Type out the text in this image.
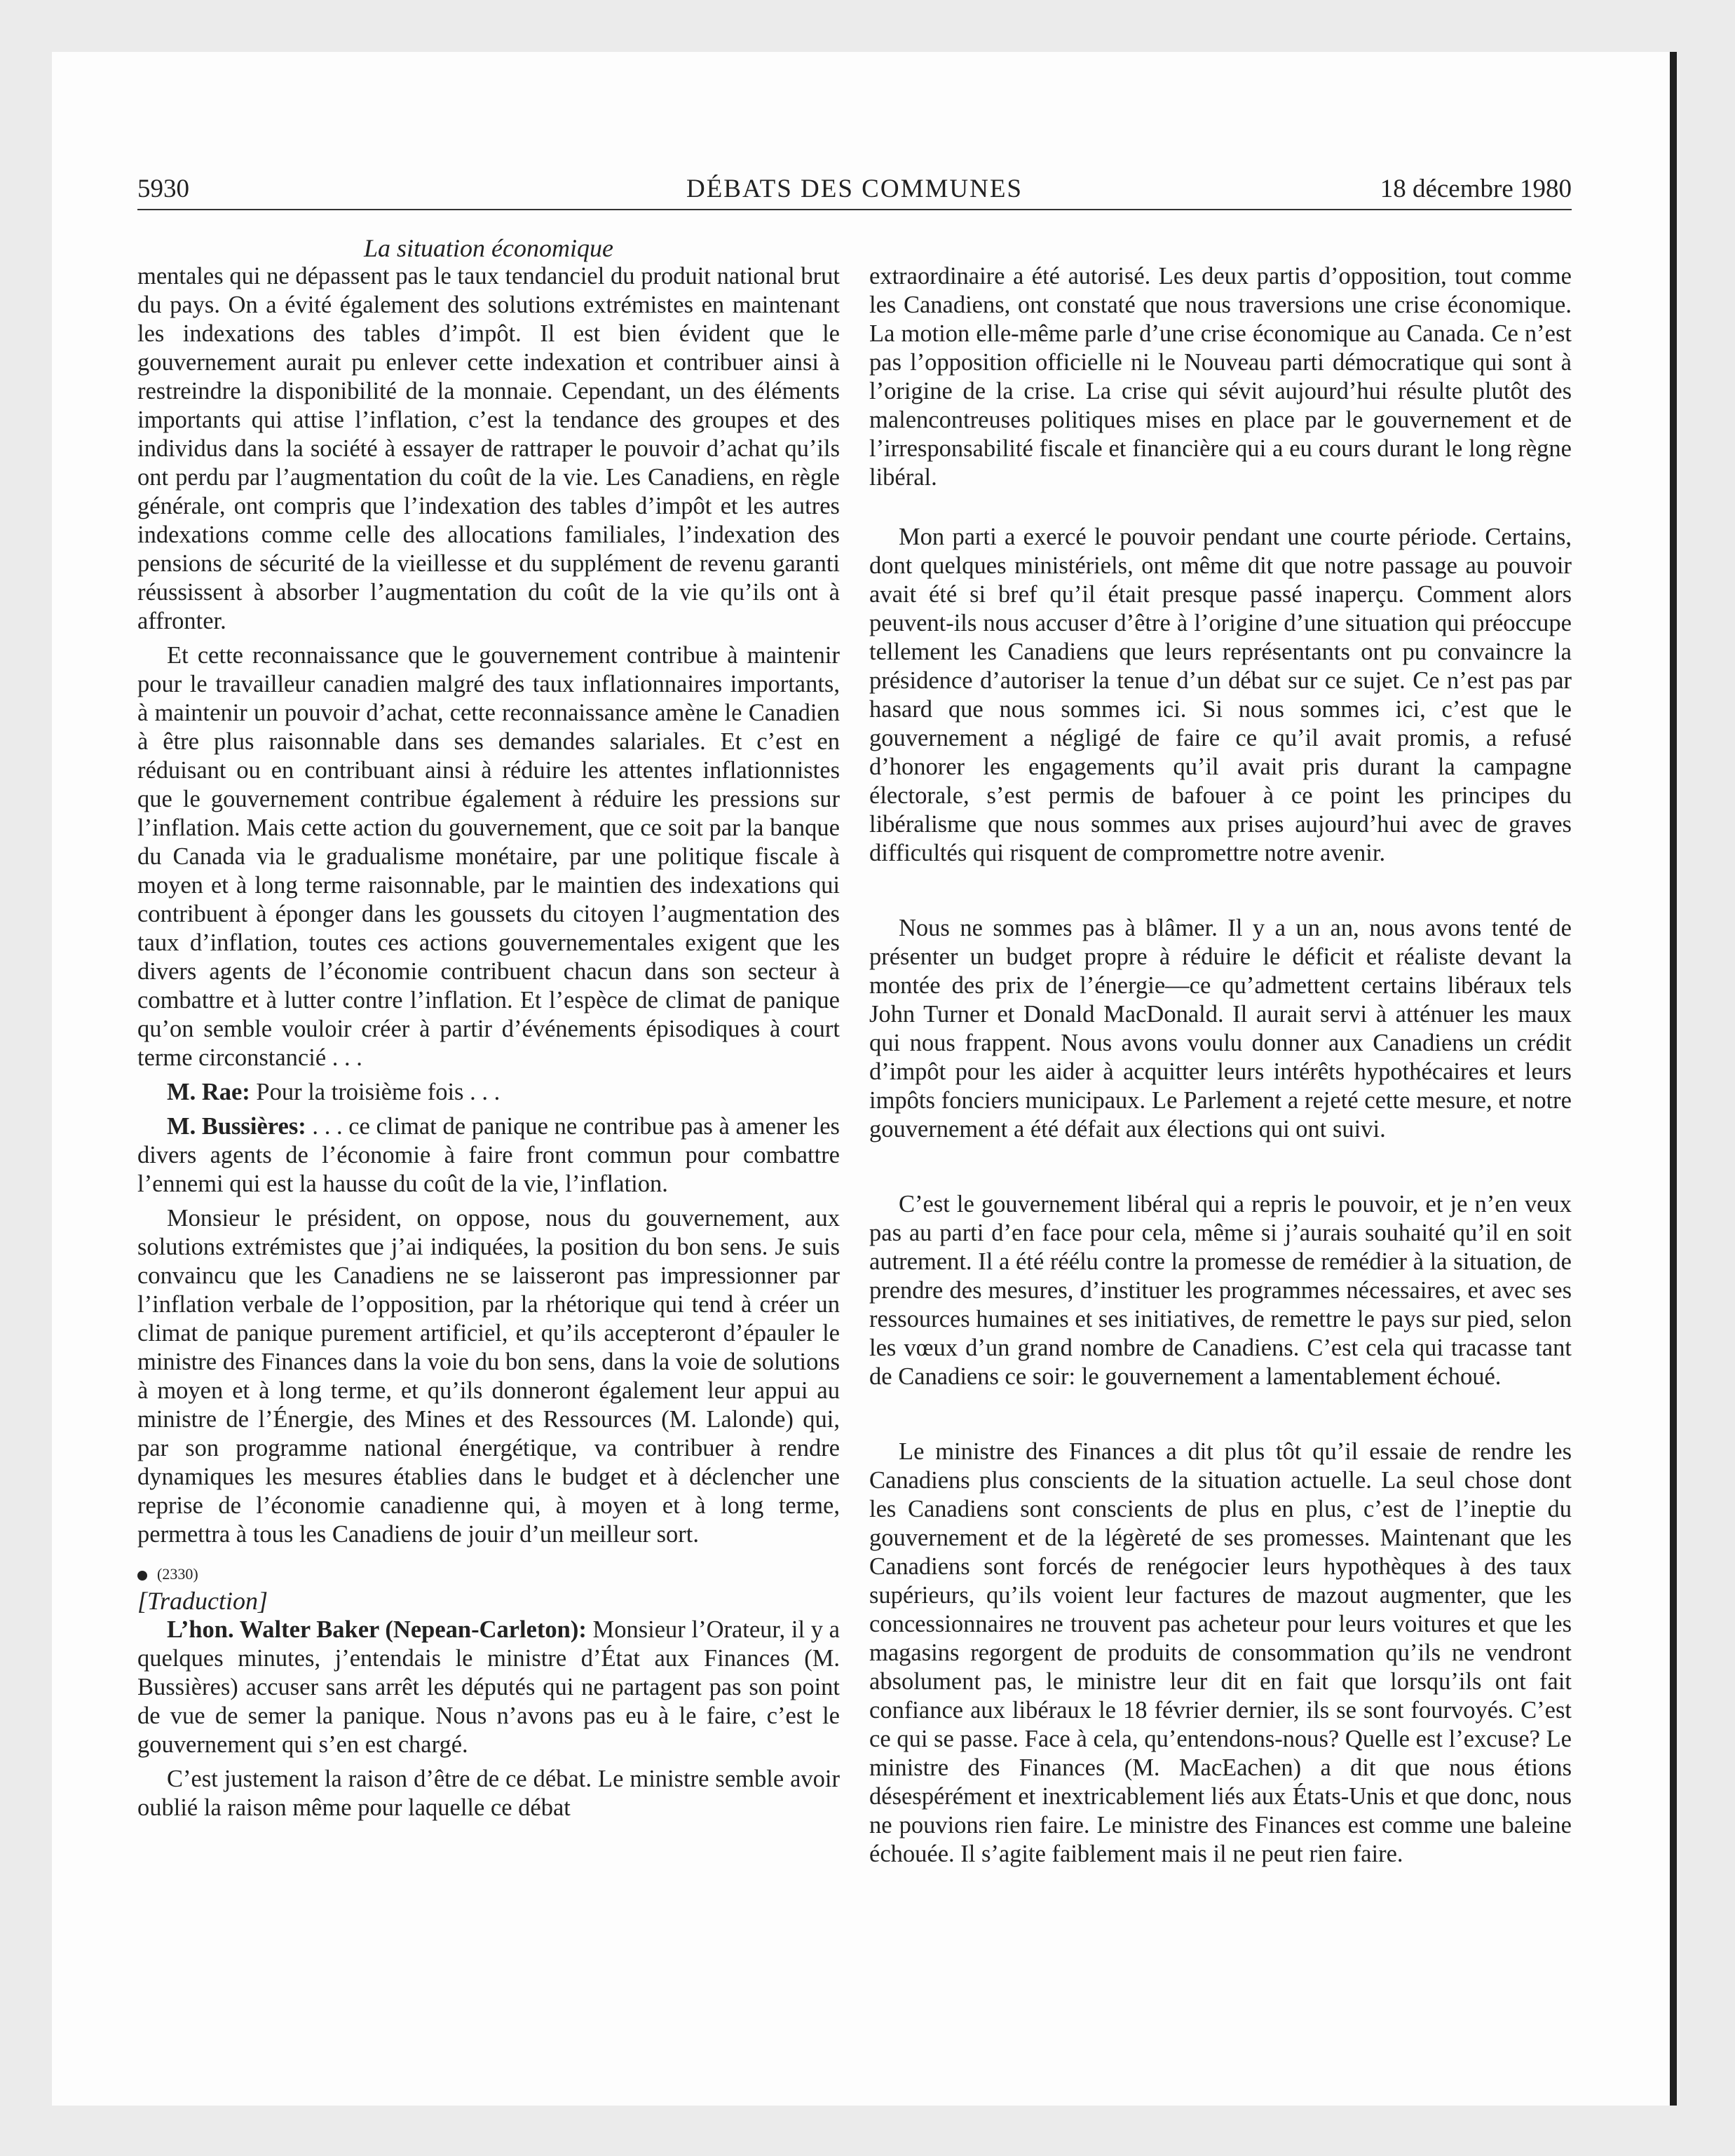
5930	DÉBATS DES COMMUNES	18 décembre 1980
La situation économique

mentales qui ne dépassent pas le taux tendanciel du produit national brut du pays. On a évité également des solutions extrémistes en maintenant les indexations des tables d’impôt. Il est bien évident que le gouvernement aurait pu enlever cette indexation et contribuer ainsi à restreindre la disponibilité de la monnaie. Cependant, un des éléments importants qui attise l’inflation, c’est la tendance des groupes et des individus dans la société à essayer de rattraper le pouvoir d’achat qu’ils ont perdu par l’augmentation du coût de la vie. Les Canadiens, en règle générale, ont compris que l’indexation des tables d’impôt et les autres indexations comme celle des allocations familiales, l’indexation des pensions de sécurité de la vieillesse et du supplément de revenu garanti réussissent à absorber l’augmentation du coût de la vie qu’ils ont à affronter.

Et cette reconnaissance que le gouvernement contribue à maintenir pour le travailleur canadien malgré des taux inflationnaires importants, à maintenir un pouvoir d’achat, cette reconnaissance amène le Canadien à être plus raisonnable dans ses demandes salariales. Et c’est en réduisant ou en contribuant ainsi à réduire les attentes inflationnistes que le gouvernement contribue également à réduire les pressions sur l’inflation. Mais cette action du gouvernement, que ce soit par la banque du Canada via le gradualisme monétaire, par une politique fiscale à moyen et à long terme raisonnable, par le maintien des indexations qui contribuent à éponger dans les goussets du citoyen l’augmentation des taux d’inflation, toutes ces actions gouvernementales exigent que les divers agents de l’économie contribuent chacun dans son secteur à combattre et à lutter contre l’inflation. Et l’espèce de climat de panique qu’on semble vouloir créer à partir d’événements épisodiques à court terme circonstancié . . .

M. Rae: Pour la troisième fois . . .

M. Bussières: . . . ce climat de panique ne contribue pas à amener les divers agents de l’économie à faire front commun pour combattre l’ennemi qui est la hausse du coût de la vie, l’inflation.

Monsieur le président, on oppose, nous du gouvernement, aux solutions extrémistes que j’ai indiquées, la position du bon sens. Je suis convaincu que les Canadiens ne se laisseront pas impressionner par l’inflation verbale de l’opposition, par la rhétorique qui tend à créer un climat de panique purement artificiel, et qu’ils accepteront d’épauler le ministre des Finances dans la voie du bon sens, dans la voie de solutions à moyen et à long terme, et qu’ils donneront également leur appui au ministre de l’Énergie, des Mines et des Ressources (M. Lalonde) qui, par son programme national énergétique, va contribuer à rendre dynamiques les mesures établies dans le budget et à déclencher une reprise de l’économie canadienne qui, à moyen et à long terme, permettra à tous les Canadiens de jouir d’un meilleur sort.

(2330)

[Traduction]

L’hon. Walter Baker (Nepean-Carleton): Monsieur l’Orateur, il y a quelques minutes, j’entendais le ministre d’État aux Finances (M. Bussières) accuser sans arrêt les députés qui ne partagent pas son point de vue de semer la panique. Nous n’avons pas eu à le faire, c’est le gouvernement qui s’en est chargé.

C’est justement la raison d’être de ce débat. Le ministre semble avoir oublié la raison même pour laquelle ce débat

extraordinaire a été autorisé. Les deux partis d’opposition, tout comme les Canadiens, ont constaté que nous traversions une crise économique. La motion elle-même parle d’une crise économique au Canada. Ce n’est pas l’opposition officielle ni le Nouveau parti démocratique qui sont à l’origine de la crise. La crise qui sévit aujourd’hui résulte plutôt des malencontreuses politiques mises en place par le gouvernement et de l’irresponsabilité fiscale et financière qui a eu cours durant le long règne libéral.

Mon parti a exercé le pouvoir pendant une courte période. Certains, dont quelques ministériels, ont même dit que notre passage au pouvoir avait été si bref qu’il était presque passé inaperçu. Comment alors peuvent-ils nous accuser d’être à l’origine d’une situation qui préoccupe tellement les Canadiens que leurs représentants ont pu convaincre la présidence d’autoriser la tenue d’un débat sur ce sujet. Ce n’est pas par hasard que nous sommes ici. Si nous sommes ici, c’est que le gouvernement a négligé de faire ce qu’il avait promis, a refusé d’honorer les engagements qu’il avait pris durant la campagne électorale, s’est permis de bafouer à ce point les principes du libéralisme que nous sommes aux prises aujourd’hui avec de graves difficultés qui risquent de compromettre notre avenir.

Nous ne sommes pas à blâmer. Il y a un an, nous avons tenté de présenter un budget propre à réduire le déficit et réaliste devant la montée des prix de l’énergie—ce qu’admettent certains libéraux tels John Turner et Donald MacDonald. Il aurait servi à atténuer les maux qui nous frappent. Nous avons voulu donner aux Canadiens un crédit d’impôt pour les aider à acquitter leurs intérêts hypothécaires et leurs impôts fonciers municipaux. Le Parlement a rejeté cette mesure, et notre gouvernement a été défait aux élections qui ont suivi.

C’est le gouvernement libéral qui a repris le pouvoir, et je n’en veux pas au parti d’en face pour cela, même si j’aurais souhaité qu’il en soit autrement. Il a été réélu contre la promesse de remédier à la situation, de prendre des mesures, d’instituer les programmes nécessaires, et avec ses ressources humaines et ses initiatives, de remettre le pays sur pied, selon les vœux d’un grand nombre de Canadiens. C’est cela qui tracasse tant de Canadiens ce soir: le gouvernement a lamentablement échoué.

Le ministre des Finances a dit plus tôt qu’il essaie de rendre les Canadiens plus conscients de la situation actuelle. La seul chose dont les Canadiens sont conscients de plus en plus, c’est de l’ineptie du gouvernement et de la légèreté de ses promesses. Maintenant que les Canadiens sont forcés de renégocier leurs hypothèques à des taux supérieurs, qu’ils voient leur factures de mazout augmenter, que les concessionnaires ne trouvent pas acheteur pour leurs voitures et que les magasins regorgent de produits de consommation qu’ils ne vendront absolument pas, le ministre leur dit en fait que lorsqu’ils ont fait confiance aux libéraux le 18 février dernier, ils se sont fourvoyés. C’est ce qui se passe. Face à cela, qu’entendons-nous? Quelle est l’excuse? Le ministre des Finances (M. MacEachen) a dit que nous étions désespérément et inextricablement liés aux États-Unis et que donc, nous ne pouvions rien faire. Le ministre des Finances est comme une baleine échouée. Il s’agite faiblement mais il ne peut rien faire.
